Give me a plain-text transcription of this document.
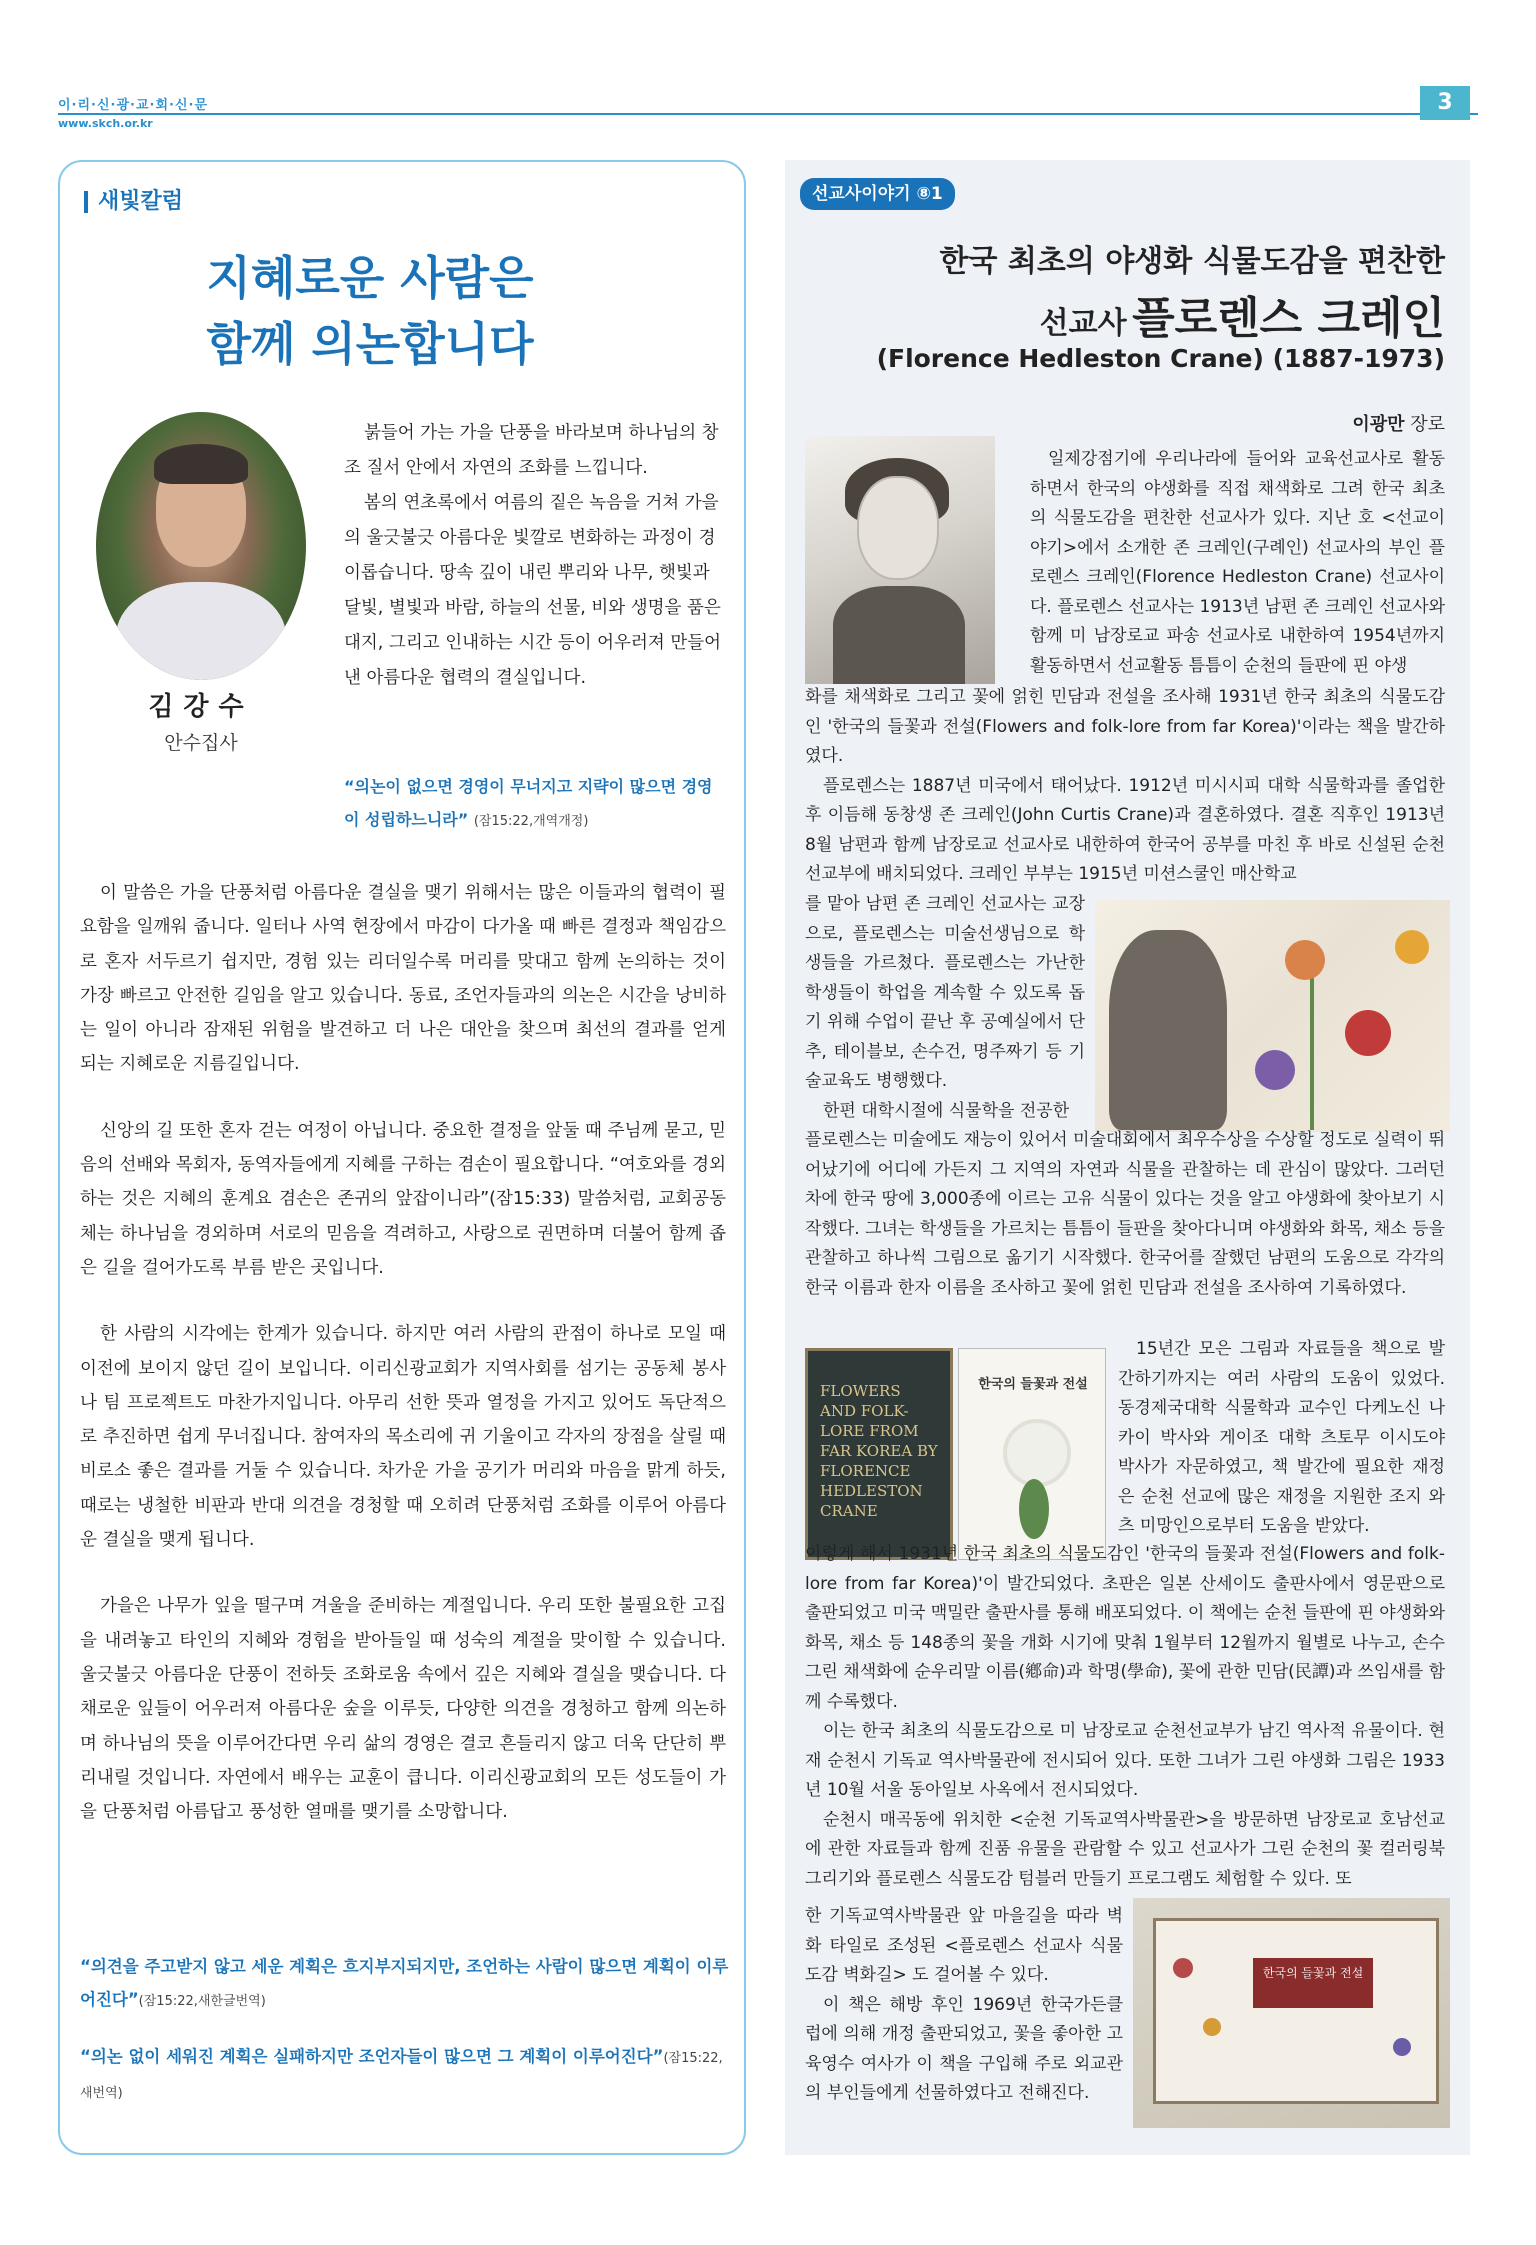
이·리·신·광·교·회·신·문
www.skch.or.kr
3
새빛칼럼
지혜로운 사람은
함께 의논합니다
김강수
안수집사

붉들어 가는 가을 단풍을 바라보며 하나님의 창조 질서 안에서 자연의 조화를 느낍니다.

봄의 연초록에서 여름의 짙은 녹음을 거쳐 가을의 울긋불긋 아름다운 빛깔로 변화하는 과정이 경이롭습니다. 땅속 깊이 내린 뿌리와 나무, 햇빛과 달빛, 별빛과 바람, 하늘의 선물, 비와 생명을 품은 대지, 그리고 인내하는 시간 등이 어우러져 만들어낸 아름다운 협력의 결실입니다.

“의논이 없으면 경영이 무너지고 지략이 많으면 경영이 성립하느니라” (잠15:22,개역개정)

이 말씀은 가을 단풍처럼 아름다운 결실을 맺기 위해서는 많은 이들과의 협력이 필요함을 일깨워 줍니다. 일터나 사역 현장에서 마감이 다가올 때 빠른 결정과 책임감으로 혼자 서두르기 쉽지만, 경험 있는 리더일수록 머리를 맞대고 함께 논의하는 것이 가장 빠르고 안전한 길임을 알고 있습니다. 동료, 조언자들과의 의논은 시간을 낭비하는 일이 아니라 잠재된 위험을 발견하고 더 나은 대안을 찾으며 최선의 결과를 얻게 되는 지혜로운 지름길입니다.

신앙의 길 또한 혼자 걷는 여정이 아닙니다. 중요한 결정을 앞둘 때 주님께 묻고, 믿음의 선배와 목회자, 동역자들에게 지혜를 구하는 겸손이 필요합니다. “여호와를 경외하는 것은 지혜의 훈계요 겸손은 존귀의 앞잡이니라”(잠15:33) 말씀처럼, 교회공동체는 하나님을 경외하며 서로의 믿음을 격려하고, 사랑으로 권면하며 더불어 함께 좁은 길을 걸어가도록 부름 받은 곳입니다.

한 사람의 시각에는 한계가 있습니다. 하지만 여러 사람의 관점이 하나로 모일 때 이전에 보이지 않던 길이 보입니다. 이리신광교회가 지역사회를 섬기는 공동체 봉사나 팀 프로젝트도 마찬가지입니다. 아무리 선한 뜻과 열정을 가지고 있어도 독단적으로 추진하면 쉽게 무너집니다. 참여자의 목소리에 귀 기울이고 각자의 장점을 살릴 때 비로소 좋은 결과를 거둘 수 있습니다. 차가운 가을 공기가 머리와 마음을 맑게 하듯, 때로는 냉철한 비판과 반대 의견을 경청할 때 오히려 단풍처럼 조화를 이루어 아름다운 결실을 맺게 됩니다.

가을은 나무가 잎을 떨구며 겨울을 준비하는 계절입니다. 우리 또한 불필요한 고집을 내려놓고 타인의 지혜와 경험을 받아들일 때 성숙의 계절을 맞이할 수 있습니다. 울긋불긋 아름다운 단풍이 전하듯 조화로움 속에서 깊은 지혜와 결실을 맺습니다. 다채로운 잎들이 어우러져 아름다운 숲을 이루듯, 다양한 의견을 경청하고 함께 의논하며 하나님의 뜻을 이루어간다면 우리 삶의 경영은 결코 흔들리지 않고 더욱 단단히 뿌리내릴 것입니다. 자연에서 배우는 교훈이 큽니다. 이리신광교회의 모든 성도들이 가을 단풍처럼 아름답고 풍성한 열매를 맺기를 소망합니다.

“의견을 주고받지 않고 세운 계획은 흐지부지되지만, 조언하는 사람이 많으면 계획이 이루어진다”(잠15:22,새한글번역)

“의논 없이 세워진 계획은 실패하지만 조언자들이 많으면 그 계획이 이루어진다”(잠15:22,새번역)

선교사이야기 ⑧1
한국 최초의 야생화 식물도감을 편찬한
선교사 플로렌스 크레인
(Florence Hedleston Crane) (1887-1973)
이광만 장로

일제강점기에 우리나라에 들어와 교육선교사로 활동하면서 한국의 야생화를 직접 채색화로 그려 한국 최초의 식물도감을 편찬한 선교사가 있다. 지난 호 <선교이야기>에서 소개한 존 크레인(구례인) 선교사의 부인 플로렌스 크레인(Florence Hedleston Crane) 선교사이다. 플로렌스 선교사는 1913년 남편 존 크레인 선교사와 함께 미 남장로교 파송 선교사로 내한하여 1954년까지 활동하면서 선교활동 틈틈이 순천의 들판에 핀 야생

화를 채색화로 그리고 꽃에 얽힌 민담과 전설을 조사해 1931년 한국 최초의 식물도감인 '한국의 들꽃과 전설(Flowers and folk-lore from far Korea)'이라는 책을 발간하였다.

플로렌스는 1887년 미국에서 태어났다. 1912년 미시시피 대학 식물학과를 졸업한 후 이듬해 동창생 존 크레인(John Curtis Crane)과 결혼하였다. 결혼 직후인 1913년 8월 남편과 함께 남장로교 선교사로 내한하여 한국어 공부를 마친 후 바로 신설된 순천 선교부에 배치되었다. 크레인 부부는 1915년 미션스쿨인 매산학교

를 맡아 남편 존 크레인 선교사는 교장으로, 플로렌스는 미술선생님으로 학생들을 가르쳤다. 플로렌스는 가난한 학생들이 학업을 계속할 수 있도록 돕기 위해 수업이 끝난 후 공예실에서 단추, 테이블보, 손수건, 명주짜기 등 기술교육도 병행했다.

한편 대학시절에 식물학을 전공한

플로렌스는 미술에도 재능이 있어서 미술대회에서 최우수상을 수상할 정도로 실력이 뛰어났기에 어디에 가든지 그 지역의 자연과 식물을 관찰하는 데 관심이 많았다. 그러던 차에 한국 땅에 3,000종에 이르는 고유 식물이 있다는 것을 알고 야생화에 찾아보기 시작했다. 그녀는 학생들을 가르치는 틈틈이 들판을 찾아다니며 야생화와 화목, 채소 등을 관찰하고 하나씩 그림으로 옮기기 시작했다. 한국어를 잘했던 남편의 도움으로 각각의 한국 이름과 한자 이름을 조사하고 꽃에 얽힌 민담과 전설을 조사하여 기록하였다.

FLOWERS AND FOLK-LORE FROM FAR KOREA BY FLORENCE HEDLESTON CRANE
한국의 들꽃과 전설

15년간 모은 그림과 자료들을 책으로 발간하기까지는 여러 사람의 도움이 있었다. 동경제국대학 식물학과 교수인 다케노신 나카이 박사와 게이조 대학 츠토무 이시도야 박사가 자문하였고, 책 발간에 필요한 재정은 순천 선교에 많은 재정을 지원한 조지 와츠 미망인으로부터 도움을 받았다.

이렇게 해서 1931년 한국 최초의 식물도감인 '한국의 들꽃과 전설(Flowers and folk-lore from far Korea)'이 발간되었다. 초판은 일본 산세이도 출판사에서 영문판으로 출판되었고 미국 맥밀란 출판사를 통해 배포되었다. 이 책에는 순천 들판에 핀 야생화와 화목, 채소 등 148종의 꽃을 개화 시기에 맞춰 1월부터 12월까지 월별로 나누고, 손수 그린 채색화에 순우리말 이름(鄕命)과 학명(學命), 꽃에 관한 민담(民譚)과 쓰임새를 함께 수록했다.

이는 한국 최초의 식물도감으로 미 남장로교 순천선교부가 남긴 역사적 유물이다. 현재 순천시 기독교 역사박물관에 전시되어 있다. 또한 그녀가 그린 야생화 그림은 1933년 10월 서울 동아일보 사옥에서 전시되었다.

순천시 매곡동에 위치한 <순천 기독교역사박물관>을 방문하면 남장로교 호남선교에 관한 자료들과 함께 진품 유물을 관람할 수 있고 선교사가 그린 순천의 꽃 컬러링북 그리기와 플로렌스 식물도감 텀블러 만들기 프로그램도 체험할 수 있다. 또

한국의 들꽃과 전설

한 기독교역사박물관 앞 마을길을 따라 벽화 타일로 조성된 <플로렌스 선교사 식물도감 벽화길> 도 걸어볼 수 있다.

이 책은 해방 후인 1969년 한국가든클럽에 의해 개정 출판되었고, 꽃을 좋아한 고 육영수 여사가 이 책을 구입해 주로 외교관의 부인들에게 선물하였다고 전해진다.
